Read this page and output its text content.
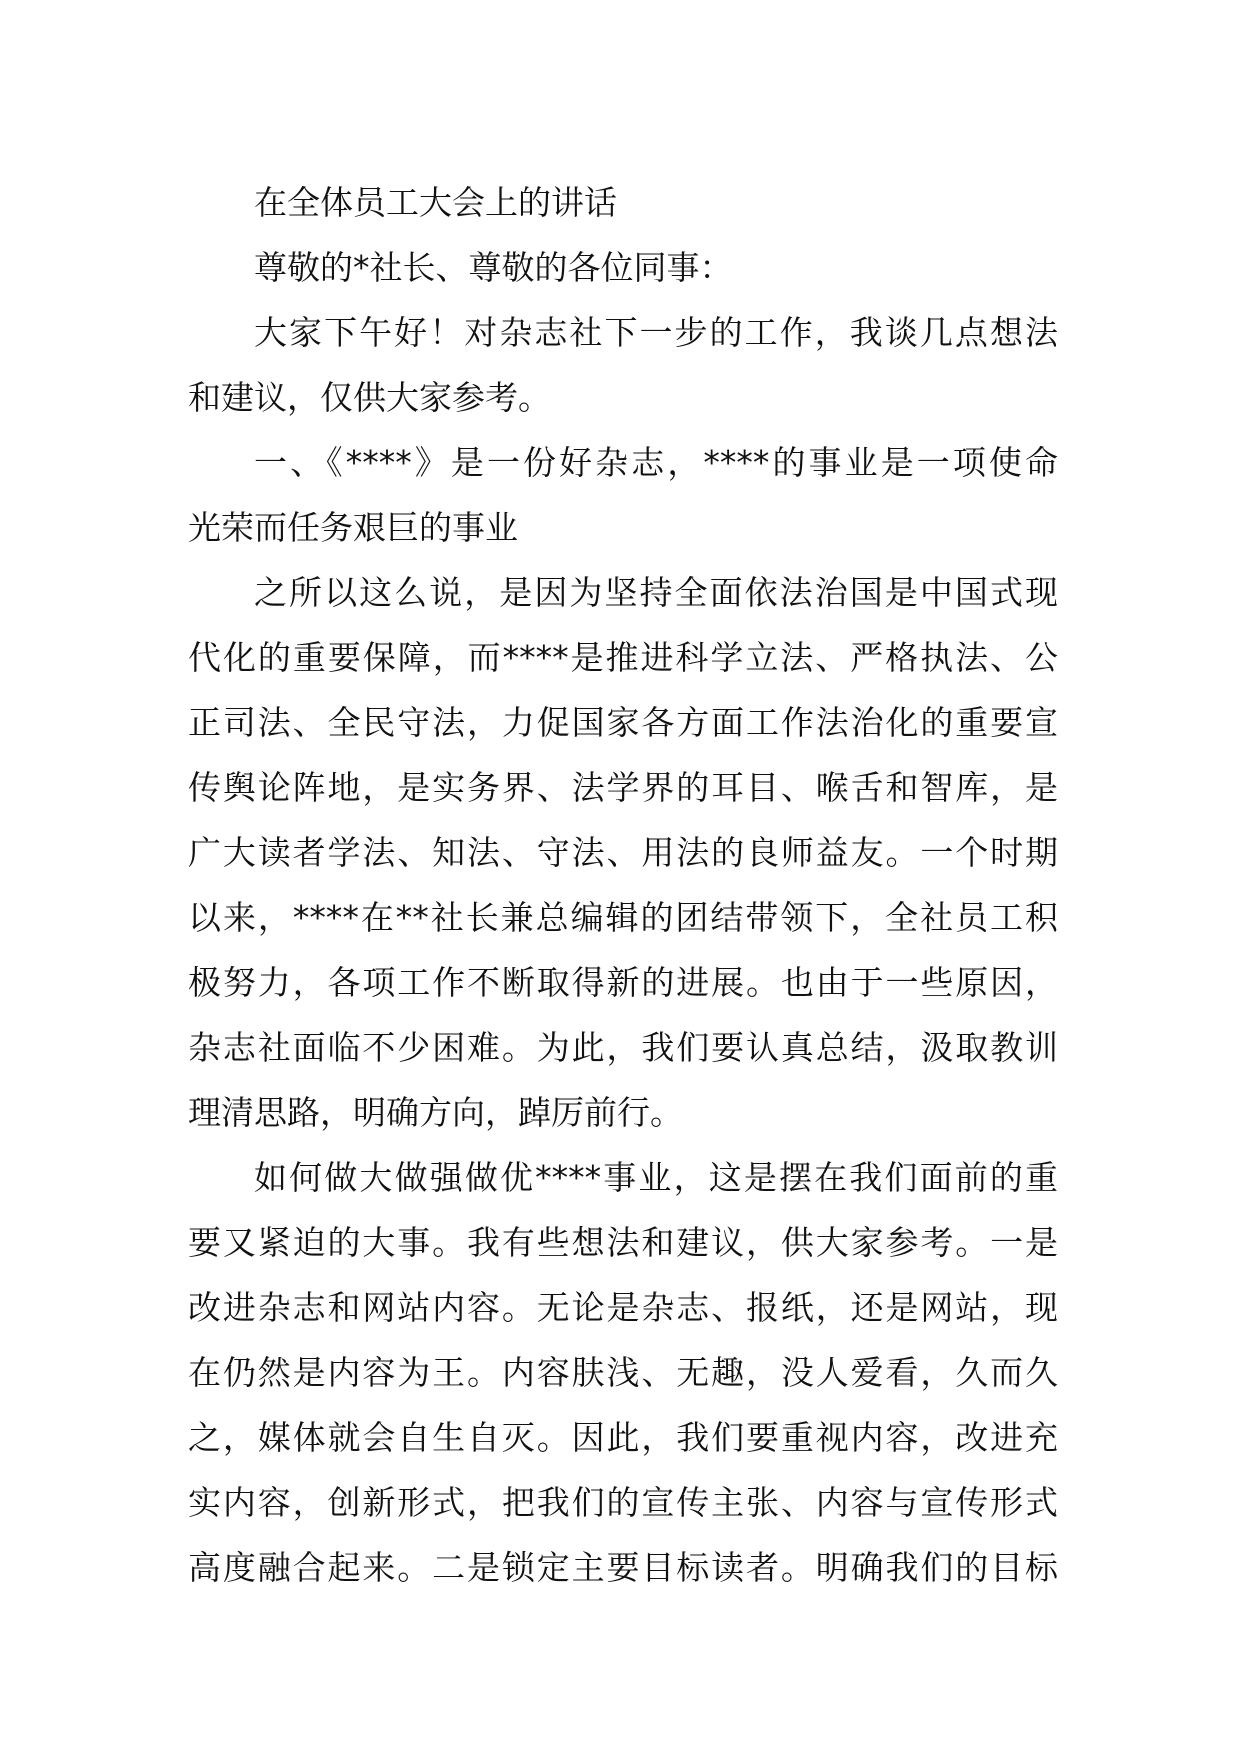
在全体员工大会上的讲话
尊敬的*社长、尊敬的各位同事：
大家下午好！对杂志社下一步的工作，我谈几点想法
和建议，仅供大家参考。
一、《****》是一份好杂志，****的事业是一项使命
光荣而任务艰巨的事业
之所以这么说，是因为坚持全面依法治国是中国式现
代化的重要保障，而****是推进科学立法、严格执法、公
正司法、全民守法，力促国家各方面工作法治化的重要宣
传舆论阵地，是实务界、法学界的耳目、喉舌和智库，是
广大读者学法、知法、守法、用法的良师益友。一个时期
以来，****在**社长兼总编辑的团结带领下，全社员工积
极努力，各项工作不断取得新的进展。也由于一些原因，
杂志社面临不少困难。为此，我们要认真总结，汲取教训
理清思路，明确方向，踔厉前行。
如何做大做强做优****事业，这是摆在我们面前的重
要又紧迫的大事。我有些想法和建议，供大家参考。一是
改进杂志和网站内容。无论是杂志、报纸，还是网站，现
在仍然是内容为王。内容肤浅、无趣，没人爱看，久而久
之，媒体就会自生自灭。因此，我们要重视内容，改进充
实内容，创新形式，把我们的宣传主张、内容与宣传形式
高度融合起来。二是锁定主要目标读者。明确我们的目标
